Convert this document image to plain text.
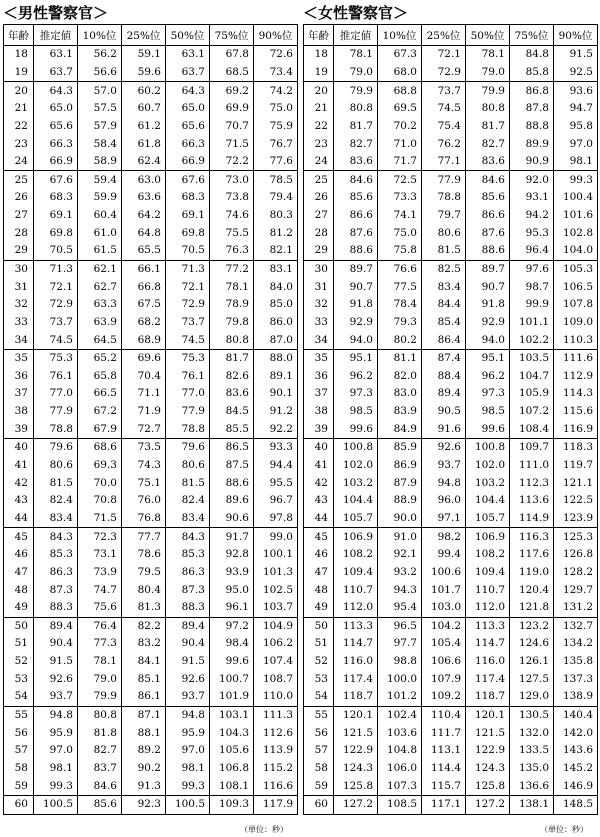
＜男性警察官＞
年齢	推定値	10%位	25%位	50%位	75%位	90%位
18	63.1	56.2	59.1	63.1	67.8	72.6
19	63.7	56.6	59.6	63.7	68.5	73.4
20	64.3	57.0	60.2	64.3	69.2	74.2
21	65.0	57.5	60.7	65.0	69.9	75.0
22	65.6	57.9	61.2	65.6	70.7	75.9
23	66.3	58.4	61.8	66.3	71.5	76.7
24	66.9	58.9	62.4	66.9	72.2	77.6
25	67.6	59.4	63.0	67.6	73.0	78.5
26	68.3	59.9	63.6	68.3	73.8	79.4
27	69.1	60.4	64.2	69.1	74.6	80.3
28	69.8	61.0	64.8	69.8	75.5	81.2
29	70.5	61.5	65.5	70.5	76.3	82.1
30	71.3	62.1	66.1	71.3	77.2	83.1
31	72.1	62.7	66.8	72.1	78.1	84.0
32	72.9	63.3	67.5	72.9	78.9	85.0
33	73.7	63.9	68.2	73.7	79.8	86.0
34	74.5	64.5	68.9	74.5	80.8	87.0
35	75.3	65.2	69.6	75.3	81.7	88.0
36	76.1	65.8	70.4	76.1	82.6	89.1
37	77.0	66.5	71.1	77.0	83.6	90.1
38	77.9	67.2	71.9	77.9	84.5	91.2
39	78.8	67.9	72.7	78.8	85.5	92.2
40	79.6	68.6	73.5	79.6	86.5	93.3
41	80.6	69.3	74.3	80.6	87.5	94.4
42	81.5	70.0	75.1	81.5	88.6	95.5
43	82.4	70.8	76.0	82.4	89.6	96.7
44	83.4	71.5	76.8	83.4	90.6	97.8
45	84.3	72.3	77.7	84.3	91.7	99.0
46	85.3	73.1	78.6	85.3	92.8	100.1
47	86.3	73.9	79.5	86.3	93.9	101.3
48	87.3	74.7	80.4	87.3	95.0	102.5
49	88.3	75.6	81.3	88.3	96.1	103.7
50	89.4	76.4	82.2	89.4	97.2	104.9
51	90.4	77.3	83.2	90.4	98.4	106.2
52	91.5	78.1	84.1	91.5	99.6	107.4
53	92.6	79.0	85.1	92.6	100.7	108.7
54	93.7	79.9	86.1	93.7	101.9	110.0
55	94.8	80.8	87.1	94.8	103.1	111.3
56	95.9	81.8	88.1	95.9	104.3	112.6
57	97.0	82.7	89.2	97.0	105.6	113.9
58	98.1	83.7	90.2	98.1	106.8	115.2
59	99.3	84.6	91.3	99.3	108.1	116.6
60	100.5	85.6	92.3	100.5	109.3	117.9
（単位：秒）
＜女性警察官＞
年齢	推定値	10%位	25%位	50%位	75%位	90%位
18	78.1	67.3	72.1	78.1	84.8	91.5
19	79.0	68.0	72.9	79.0	85.8	92.5
20	79.9	68.8	73.7	79.9	86.8	93.6
21	80.8	69.5	74.5	80.8	87.8	94.7
22	81.7	70.2	75.4	81.7	88.8	95.8
23	82.7	71.0	76.2	82.7	89.9	97.0
24	83.6	71.7	77.1	83.6	90.9	98.1
25	84.6	72.5	77.9	84.6	92.0	99.3
26	85.6	73.3	78.8	85.6	93.1	100.4
27	86.6	74.1	79.7	86.6	94.2	101.6
28	87.6	75.0	80.6	87.6	95.3	102.8
29	88.6	75.8	81.5	88.6	96.4	104.0
30	89.7	76.6	82.5	89.7	97.6	105.3
31	90.7	77.5	83.4	90.7	98.7	106.5
32	91.8	78.4	84.4	91.8	99.9	107.8
33	92.9	79.3	85.4	92.9	101.1	109.0
34	94.0	80.2	86.4	94.0	102.2	110.3
35	95.1	81.1	87.4	95.1	103.5	111.6
36	96.2	82.0	88.4	96.2	104.7	112.9
37	97.3	83.0	89.4	97.3	105.9	114.3
38	98.5	83.9	90.5	98.5	107.2	115.6
39	99.6	84.9	91.6	99.6	108.4	116.9
40	100.8	85.9	92.6	100.8	109.7	118.3
41	102.0	86.9	93.7	102.0	111.0	119.7
42	103.2	87.9	94.8	103.2	112.3	121.1
43	104.4	88.9	96.0	104.4	113.6	122.5
44	105.7	90.0	97.1	105.7	114.9	123.9
45	106.9	91.0	98.2	106.9	116.3	125.3
46	108.2	92.1	99.4	108.2	117.6	126.8
47	109.4	93.2	100.6	109.4	119.0	128.2
48	110.7	94.3	101.7	110.7	120.4	129.7
49	112.0	95.4	103.0	112.0	121.8	131.2
50	113.3	96.5	104.2	113.3	123.2	132.7
51	114.7	97.7	105.4	114.7	124.6	134.2
52	116.0	98.8	106.6	116.0	126.1	135.8
53	117.4	100.0	107.9	117.4	127.5	137.3
54	118.7	101.2	109.2	118.7	129.0	138.9
55	120.1	102.4	110.4	120.1	130.5	140.4
56	121.5	103.6	111.7	121.5	132.0	142.0
57	122.9	104.8	113.1	122.9	133.5	143.6
58	124.3	106.0	114.4	124.3	135.0	145.2
59	125.8	107.3	115.7	125.8	136.6	146.9
60	127.2	108.5	117.1	127.2	138.1	148.5
（単位：秒）
